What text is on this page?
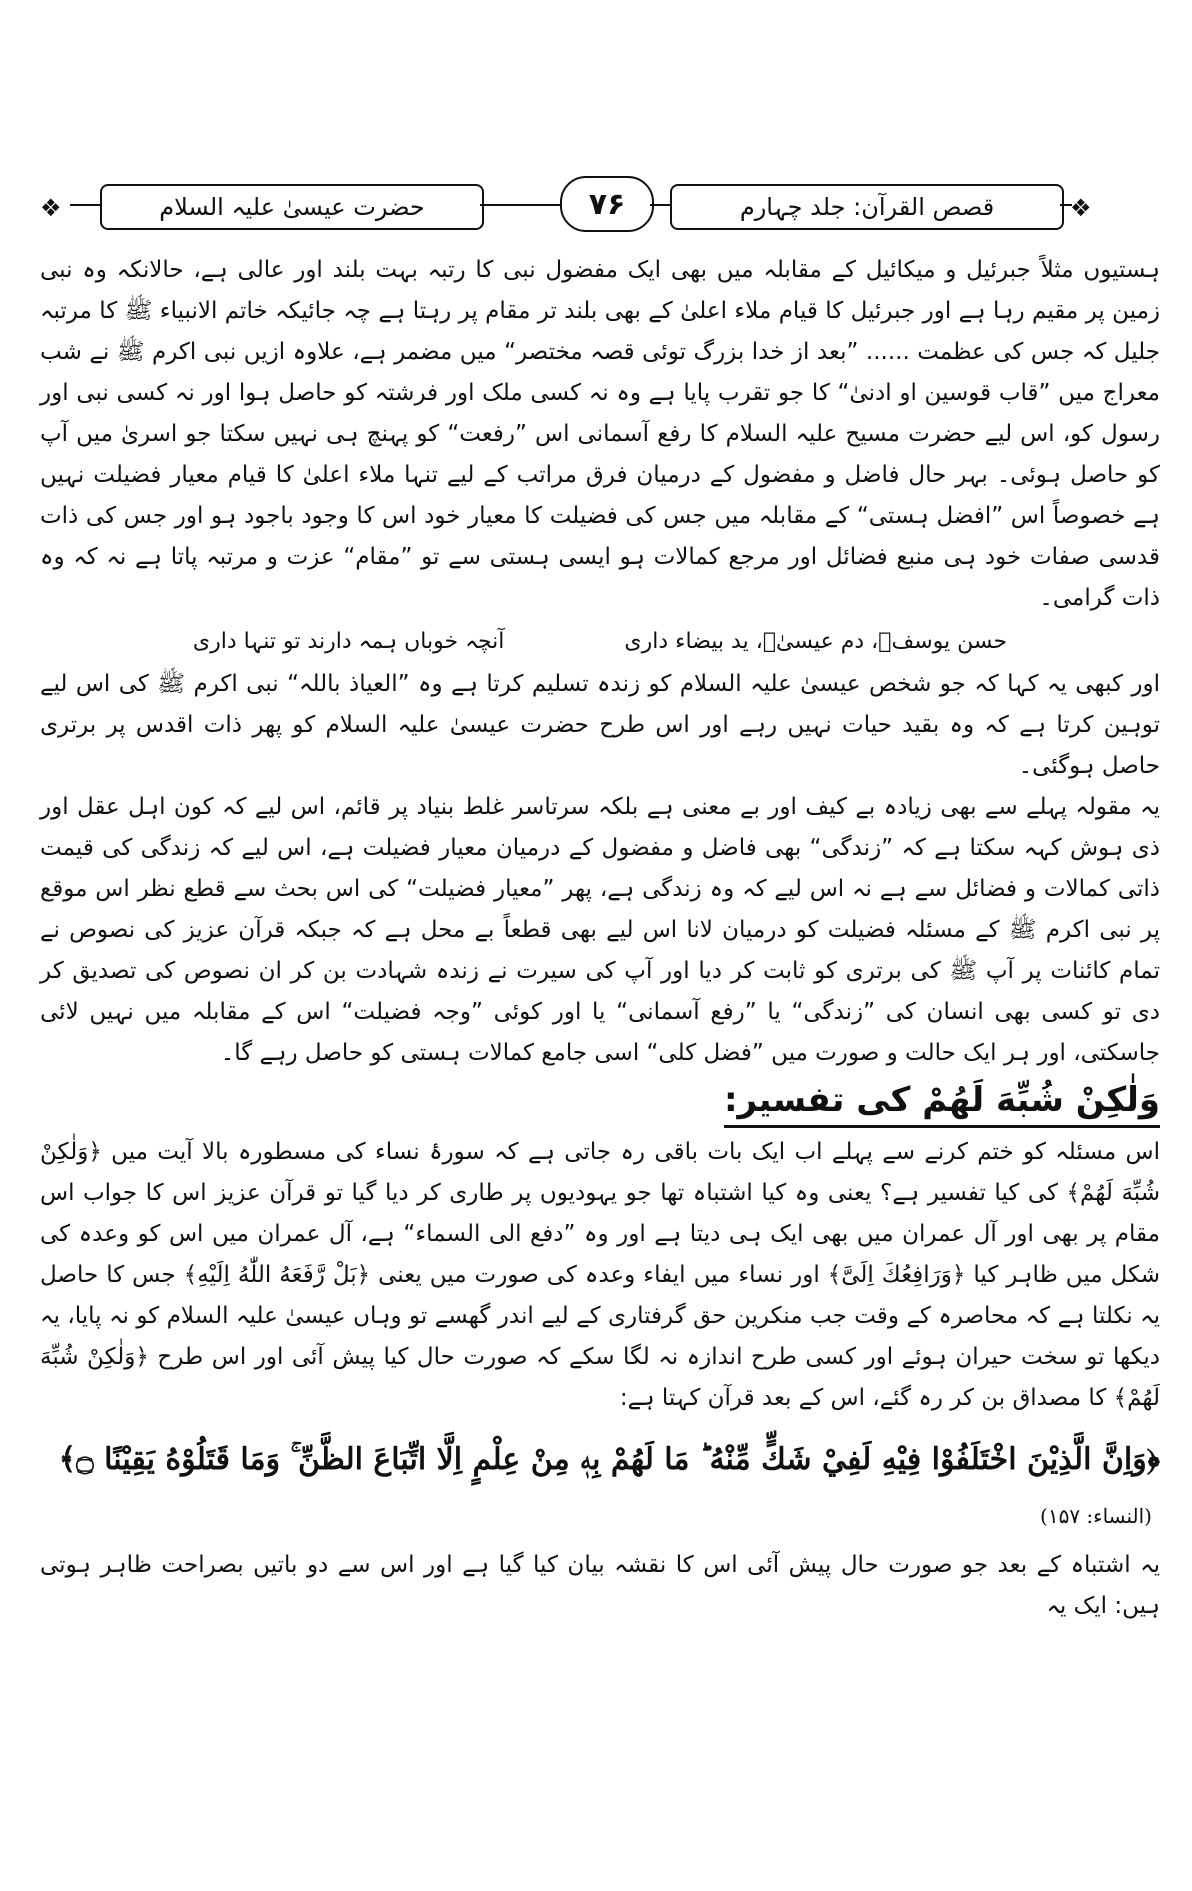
❖	حضرت عیسیٰ علیہ السلام	۷۶	قصص القرآن: جلد چہارم	❖

ہستیوں مثلاً جبرئیل و میکائیل کے مقابلہ میں بھی ایک مفضول نبی کا رتبہ بہت بلند اور عالی ہے، حالانکہ وہ نبی زمین پر مقیم رہا ہے اور جبرئیل کا قیام ملاء اعلیٰ کے بھی بلند تر مقام پر رہتا ہے چہ جائیکہ خاتم الانبیاء ﷺ کا مرتبہ جلیل کہ جس کی عظمت ...... ”بعد از خدا بزرگ توئی قصہ مختصر“ میں مضمر ہے، علاوہ ازیں نبی اکرم ﷺ نے شب معراج میں ”قاب قوسین او ادنیٰ“ کا جو تقرب پایا ہے وہ نہ کسی ملک اور فرشتہ کو حاصل ہوا اور نہ کسی نبی اور رسول کو، اس لیے حضرت مسیح علیہ السلام کا رفع آسمانی اس ”رفعت“ کو پہنچ ہی نہیں سکتا جو اسریٰ میں آپ کو حاصل ہوئی۔ بہر حال فاضل و مفضول کے درمیان فرق مراتب کے لیے تنہا ملاء اعلیٰ کا قیام معیار فضیلت نہیں ہے خصوصاً اس ”افضل ہستی“ کے مقابلہ میں جس کی فضیلت کا معیار خود اس کا وجود باجود ہو اور جس کی ذات قدسی صفات خود ہی منبع فضائل اور مرجع کمالات ہو ایسی ہستی سے تو ”مقام“ عزت و مرتبہ پاتا ہے نہ کہ وہ ذات گرامی۔

حسن یوسفؑ، دم عیسیٰؑ، ید بیضاء داری
آنچہ خوباں ہمہ دارند تو تنہا داری

اور کبھی یہ کہا کہ جو شخص عیسیٰ علیہ السلام کو زندہ تسلیم کرتا ہے وہ ”العیاذ باللہ“ نبی اکرم ﷺ کی اس لیے توہین کرتا ہے کہ وہ بقید حیات نہیں رہے اور اس طرح حضرت عیسیٰ علیہ السلام کو پھر ذات اقدس پر برتری حاصل ہوگئی۔

یہ مقولہ پہلے سے بھی زیادہ بے کیف اور بے معنی ہے بلکہ سرتاسر غلط بنیاد پر قائم، اس لیے کہ کون اہل عقل اور ذی ہوش کہہ سکتا ہے کہ ”زندگی“ بھی فاضل و مفضول کے درمیان معیار فضیلت ہے، اس لیے کہ زندگی کی قیمت ذاتی کمالات و فضائل سے ہے نہ اس لیے کہ وہ زندگی ہے، پھر ”معیار فضیلت“ کی اس بحث سے قطع نظر اس موقع پر نبی اکرم ﷺ کے مسئلہ فضیلت کو درمیان لانا اس لیے بھی قطعاً بے محل ہے کہ جبکہ قرآن عزیز کی نصوص نے تمام کائنات پر آپ ﷺ کی برتری کو ثابت کر دیا اور آپ کی سیرت نے زندہ شہادت بن کر ان نصوص کی تصدیق کر دی تو کسی بھی انسان کی ”زندگی“ یا ”رفع آسمانی“ یا اور کوئی ”وجہ فضیلت“ اس کے مقابلہ میں نہیں لائی جاسکتی، اور ہر ایک حالت و صورت میں ”فضل کلی“ اسی جامع کمالات ہستی کو حاصل رہے گا۔

وَلٰكِنْ شُبِّهَ لَهُمْ کی تفسیر:

اس مسئلہ کو ختم کرنے سے پہلے اب ایک بات باقی رہ جاتی ہے کہ سورۂ نساء کی مسطورہ بالا آیت میں ﴿وَلٰكِنْ شُبِّهَ لَهُمْ﴾ کی کیا تفسیر ہے؟ یعنی وہ کیا اشتباہ تھا جو یہودیوں پر طاری کر دیا گیا تو قرآن عزیز اس کا جواب اس مقام پر بھی اور آل عمران میں بھی ایک ہی دیتا ہے اور وہ ”دفع الی السماء“ ہے، آل عمران میں اس کو وعدہ کی شکل میں ظاہر کیا ﴿وَرَافِعُكَ اِلَیَّ﴾ اور نساء میں ایفاء وعدہ کی صورت میں یعنی ﴿بَلْ رَّفَعَهُ اللّٰهُ اِلَیْهِ﴾ جس کا حاصل یہ نکلتا ہے کہ محاصرہ کے وقت جب منکرین حق گرفتاری کے لیے اندر گھسے تو وہاں عیسیٰ علیہ السلام کو نہ پایا، یہ دیکھا تو سخت حیران ہوئے اور کسی طرح اندازہ نہ لگا سکے کہ صورت حال کیا پیش آئی اور اس طرح ﴿وَلٰكِنْ شُبِّهَ لَهُمْ﴾ کا مصداق بن کر رہ گئے، اس کے بعد قرآن کہتا ہے:

﴿وَاِنَّ الَّذِيْنَ اخْتَلَفُوْا فِيْهِ لَفِيْ شَكٍّ مِّنْهُ ؕ مَا لَهُمْ بِهٖ مِنْ عِلْمٍ اِلَّا اتِّبَاعَ الظَّنِّ ۚ وَمَا قَتَلُوْهُ يَقِيْنًا ۝﴾ (النساء: ۱۵۷)

یہ اشتباہ کے بعد جو صورت حال پیش آئی اس کا نقشہ بیان کیا گیا ہے اور اس سے دو باتیں بصراحت ظاہر ہوتی ہیں: ایک یہ
